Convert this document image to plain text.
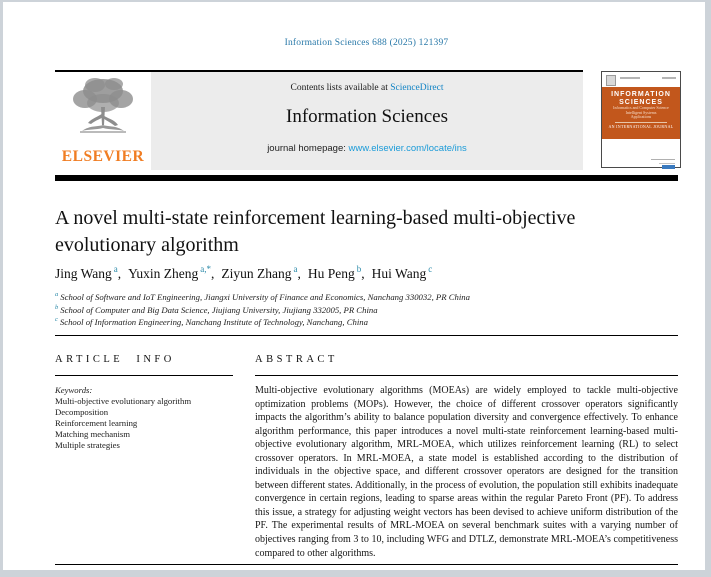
Information Sciences 688 (2025) 121397
ELSEVIER
Contents lists available at ScienceDirect
Information Sciences
journal homepage: www.elsevier.com/locate/ins
INFORMATION
SCIENCES
Informatics and Computer Science
Intelligent Systems
Applications
AN INTERNATIONAL JOURNAL
A novel multi-state reinforcement learning-based multi-objective evolutionary algorithm
Jing Wang $^a$, Yuxin Zheng $^{a,*}$, Ziyun Zhang $^a$, Hu Peng $^b$, Hui Wang $^c$
$^a$ School of Software and IoT Engineering, Jiangxi University of Finance and Economics, Nanchang 330032, PR China
$^b$ School of Computer and Big Data Science, Jiujiang University, Jiujiang 332005, PR China
$^c$ School of Information Engineering, Nanchang Institute of Technology, Nanchang, China
ARTICLE INFO	ABSTRACT
Keywords:
Multi-objective evolutionary algorithm
Decomposition
Reinforcement learning
Matching mechanism
Multiple strategies
Multi-objective evolutionary algorithms (MOEAs) are widely employed to tackle multi-objective optimization problems (MOPs). However, the choice of different crossover operators significantly impacts the algorithm’s ability to balance population diversity and convergence effectively. To enhance algorithm performance, this paper introduces a novel multi-state reinforcement learning-based multi-objective evolutionary algorithm, MRL-MOEA, which utilizes reinforcement learning (RL) to select crossover operators. In MRL-MOEA, a state model is established according to the distribution of individuals in the objective space, and different crossover operators are designed for the transition between different states. Additionally, in the process of evolution, the population still exhibits inadequate convergence in certain regions, leading to sparse areas within the regular Pareto Front (PF). To address this issue, a strategy for adjusting weight vectors has been devised to achieve uniform distribution of the PF. The experimental results of MRL-MOEA on several benchmark suites with a varying number of objectives ranging from 3 to 10, including WFG and DTLZ, demonstrate MRL-MOEA’s competitiveness compared to other algorithms.
